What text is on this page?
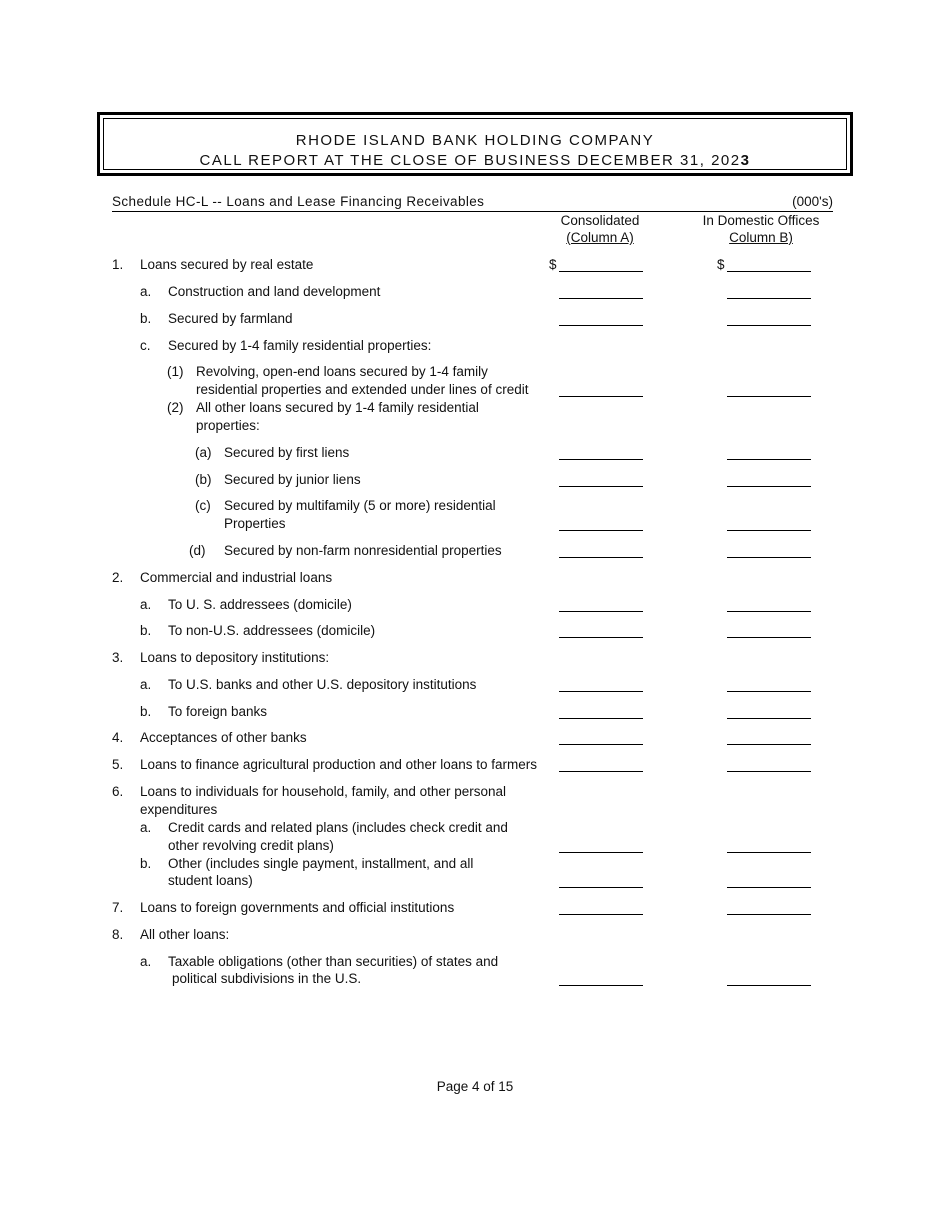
RHODE ISLAND BANK HOLDING COMPANY
CALL REPORT AT THE CLOSE OF BUSINESS DECEMBER 31, 2023
Schedule HC-L -- Loans and Lease Financing Receivables	(000's)
Consolidated
(Column A)
In Domestic Offices
Column B)
1. Loans secured by real estate	$	$
a. Construction and land development
b. Secured by farmland
c. Secured by 1-4 family residential properties:
(1) Revolving, open-end loans secured by 1-4 family
residential properties and extended under lines of credit
(2) All other loans secured by 1-4 family residential
properties:
(a) Secured by first liens
(b) Secured by junior liens
(c) Secured by multifamily (5 or more) residential
Properties
(d) Secured by non-farm nonresidential properties
2. Commercial and industrial loans
a. To U. S. addressees (domicile)
b. To non-U.S. addressees (domicile)
3. Loans to depository institutions:
a. To U.S. banks and other U.S. depository institutions
b. To foreign banks
4. Acceptances of other banks
5. Loans to finance agricultural production and other loans to farmers
6. Loans to individuals for household, family, and other personal
expenditures
a. Credit cards and related plans (includes check credit and
other revolving credit plans)
b. Other (includes single payment, installment, and all
student loans)
7. Loans to foreign governments and official institutions
8. All other loans:
a. Taxable obligations (other than securities) of states and
political subdivisions in the U.S.
Page 4 of 15
